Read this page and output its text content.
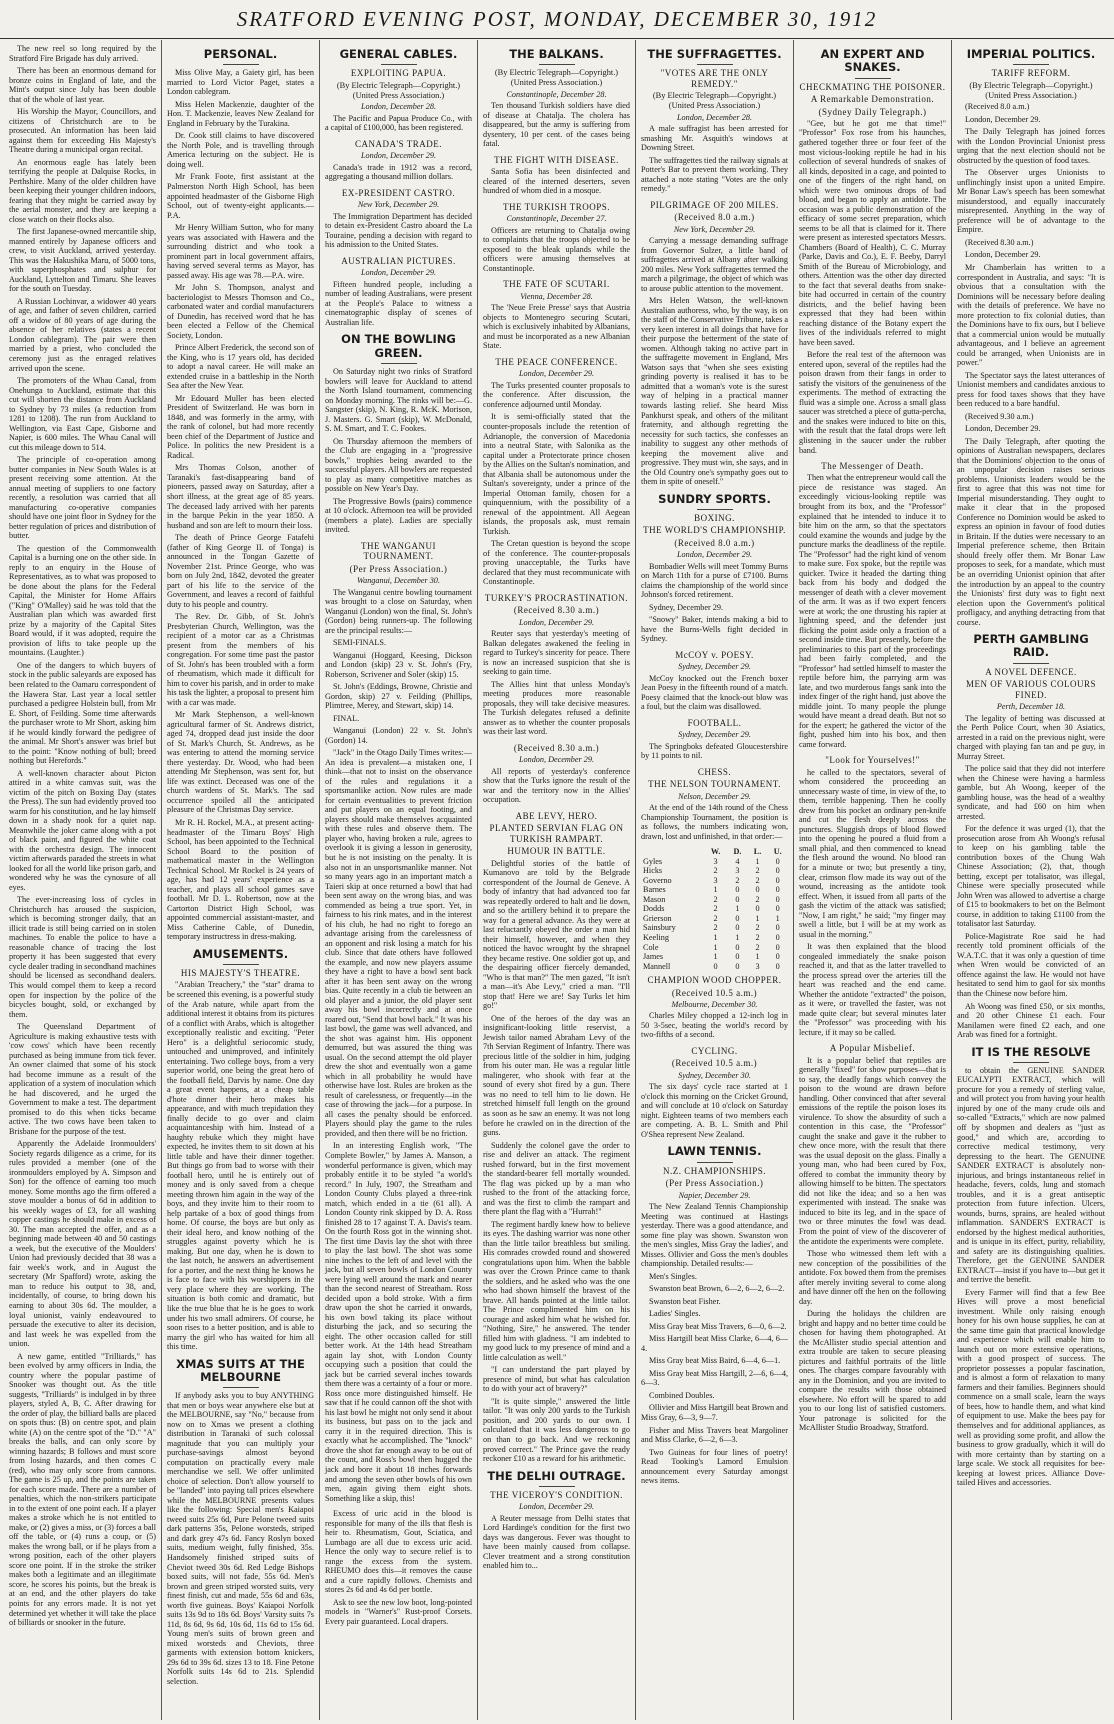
SRATFORD EVENING POST, MONDAY, DECEMBER 30, 1912

The new reel so long required by the Stratford Fire Brigade has duly arrived.

There has been an enormous demand for bronze coins in England of late, and the Mint's output since July has been double that of the whole of last year.

His Worship the Mayor, Councillors, and citizens of Christchurch are to be prosecuted. An information has been laid against them for exceeding His Majesty's Theatre during a municipal organ recital.

An enormous eagle has lately been terrifying the people at Dalquise Rocks, in Perthshire. Many of the older children have been keeping their younger children indoors, fearing that they might be carried away by the aerial monster, and they are keeping a close watch on their flocks also.

The first Japanese-owned mercantile ship, manned entirely by Japanese officers and crew, to visit Auckland, arrived yesterday. This was the Hakushika Maru, of 5000 tons, with superphosphates and sulphur for Auckland, Lyttelton and Timaru. She leaves for the south on Tuesday.

A Russian Lochinvar, a widower 40 years of age, and father of seven children, carried off a widow of 80 years of age during the absence of her relatives (states a recent London cablegram). The pair were then married by a priest, who concluded the ceremony just as the enraged relatives arrived upon the scene.

The promoters of the Whau Canal, from Onehunga to Auckland, estimate that this cut will shorten the distance from Auckland to Sydney by 73 miles (a reduction from 1281 to 1208). The run from Auckland to Wellington, via East Cape, Gisborne and Napier, is 600 miles. The Whau Canal will cut this mileage down to 514.

The principle of co-operation among butter companies in New South Wales is at present receiving some attention. At the annual meeting of suppliers to one factory recently, a resolution was carried that all manufacturing co-operative companies should have one joint floor in Sydney for the better regulation of prices and distribution of butter.

The question of the Commonwealth Capital is a burning one on the other side. In reply to an enquiry in the House of Representatives, as to what was proposed to be done about the plans for the Federal Capital, the Minister for Home Affairs ("King" O'Malley) said he was told that the Australian plan which was awarded first prize by a majority of the Capital Sites Board would, if it was adopted, require the provision of lifts to take people up the mountains. (Laughter.)

One of the dangers to which buyers of stock in the public saleyards are exposed has been related to the Oamaru correspondent of the Hawera Star. Last year a local settler purchased a pedigree Holstein bull, from Mr E. Short, of Feilding. Some time afterwards the purchaser wrote to Mr Short, asking him if he would kindly forward the pedigree of the animal. Mr Short's answer was brief but to the point: "Know nothing of bull; breed nothing but Herefords."

A well-known character about Picton attired in a white camvas suit, was the victim of the pitch on Boxing Day (states the Press). The sun had evidently proved too warm for his constitution, and he lay himself down in a shady nook for a quiet nap. Meanwhile the joker came along with a pot of black paint, and figured the white coat with the orchestra design. The innocent victim afterwards paraded the streets in what looked for all the world like prison garb, and wondered why he was the cynosure of all eyes.

The ever-increasing loss of cycles in Christchurch has aroused the suspicion, which is becoming stronger daily, that an illicit trade is still being carried on in stolen machines. To enable the police to have a reasonable chance of tracing the lost property it has been suggested that every cycle dealer trading in secondhand machines should be licensed as secondhand dealers. This would compel them to keep a record open for inspection by the police of the bicycles bought, sold, or exchanged by them.

The Queensland Department of Agriculture is making exhaustive tests with 'cow cows' which have been recently purchased as being immune from tick fever. An owner claimed that some of his stock had become immune as a result of the application of a system of inoculation which he had discovered, and he urged the Government to make a test. The department promised to do this when ticks became active. The two cows have been taken to Brisbane for the purpose of the test.

Apparently the Adelaide Ironmoulders' Society regards diligence as a crime, for its rules provided a member (one of the ironmoulders employed by A. Simpson and Son) for the offence of earning too much money. Some months ago the firm offered a stove moulder a bonus of 6d in addition to his weekly wages of £3, for all washing copper castings he should make in excess of 30. The man accepted the offer, and as a beginning made between 40 and 50 castings a week, but the executive of the Moulders' Union had previously decided that 38 was a fair week's work, and in August the secretary (Mr Spafford) wrote, asking the man to reduce his output to 38, and, incidentally, of course, to bring down his earning to about 30s 6d. The moulder, a loyal unionist, vainly endeavoured to persuade the executive to alter its decision, and last week he was expelled from the union.

A new game, entitled "Trilliards," has been evolved by army officers in India, the country where the popular pastime of Snooker was thought out. As the title suggests, "Trilliards" is indulged in by three players, styled A, B, C. After drawing for the order of play, the billiard balls are placed on spots thus: (B) on centre spot, and plain white (A) on the centre spot of the "D." "A" breaks the balls, and can only score by winning hazards; B follows and must score from losing hazards, and then comes C (red), who may only score from cannons. The game is 25 up, and the points are taken for each score made. There are a number of penalties, which the non-strikers participate in to the extent of one point each. If a player makes a stroke which he is not entitled to make, or (2) gives a miss, or (3) forces a ball off the table, or (4) runs a coup, or (5) makes the wrong ball, or if he plays from a wrong position, each of the other players score one point. If in the stroke the striker makes both a legitimate and an illegitimate score, he scores his points, but the break is at an end, and the other players do take points for any errors made. It is not yet determined yet whether it will take the place of billiards or snooker in the future.

PERSONAL.

Miss Olive May, a Gaiety girl, has been married to Lord Victor Paget, states a London cablegram.

Miss Helen Mackenzie, daughter of the Hon. T. Mackenzie, leaves New Zealand for England in February by the Turakina.

Dr. Cook still claims to have discovered the North Pole, and is travelling through America lecturing on the subject. He is doing well.

Mr Frank Foote, first assistant at the Palmerston North High School, has been appointed headmaster of the Gisborne High School, out of twenty-eight applicants.—P.A.

Mr Henry William Sutton, who for many years was associated with Hawera and the surrounding district and who took a prominent part in local government affairs, having served several terms as Mayor, has passed away. His age was 78.—P.A. wire.

Mr John S. Thompson, analyst and bacteriologist to Messrs Thomson and Co., carbonated water and cordial manufacturers of Dunedin, has received word that he has been elected a Fellow of the Chemical Society, London.

Prince Albert Frederick, the second son of the King, who is 17 years old, has decided to adopt a naval career. He will make an extended cruise in a battleship in the North Sea after the New Year.

Mr Edouard Muller has been elected President of Switzerland. He was born in 1848, and was formerly in the army, with the rank of colonel, but had more recently been chief of the Department of Justice and Police. In politics the new President is a Radical.

Mrs Thomas Colson, another of Taranaki's fast-disappearing band of pioneers, passed away on Saturday, after a short illness, at the great age of 85 years. The deceased lady arrived with her parents in the barque Pekin in the year 1850. A husband and son are left to mourn their loss.

The death of Prince George Fatafehi (father of King George II. of Tonga) is announced in the Tongan Gazette of November 21st. Prince George, who was born on July 2nd, 1842, devoted the greater part of his life to the service of the Government, and leaves a record of faithful duty to his people and country.

The Rev. Dr. Gibb, of St. John's Presbyterian Church, Wellington, was the recipient of a motor car as a Christmas present from the members of his congregation. For some time past the pastor of St. John's has been troubled with a form of rheumatism, which made it difficult for him to cover his parish, and in order to make his task the lighter, a proposal to present him with a car was made.

Mr Mark Stephenson, a well-known agricultural farmer of St. Andrews district, aged 74, dropped dead just inside the door of St. Mark's Church, St. Andrews, as he was entering to attend the morning service there yesterday. Dr. Wood, who had been attending Mr Stephenson, was sent for, but life was extinct. Deceased was one of the church wardens of St. Mark's. The sad occurrence spoiled all the anticipated pleasure of the Christmas Day service.

Mr R. H. Rockel, M.A., at present acting-headmaster of the Timaru Boys' High School, has been appointed to the Technical School Board to the position of mathematical master in the Wellington Technical School. Mr Rockel is 24 years of age, has had 12 years' experience as a teacher, and plays all school games save football. Mr D. L. Robertson, now at the Cartorton District High School, was appointed commercial assistant-master, and Miss Catherine Cable, of Dunedin, temporary instructress in dress-making.

AMUSEMENTS.
HIS MAJESTY'S THEATRE.

"Arabian Treachery," the "star" drama to be screened this evening, is a powerful study of the Arab nature, while apart from the additional interest it obtains from its pictures of a conflict with Arabs, which is altogether exceptionally realistic and exciting. "Peter Hero" is a delightful seriocomic study, untouched and unimproved, and infinitely entertaining. Two college boys, from a very superior world, one being the great hero of the football field, Darvis by name. One day a great event happens, at a cheap table d'hote dinner their hero makes his appearance, and with much trepidation they finally decide to go over and claim acquaintanceship with him. Instead of a haughty rebuke which they might have expected, he invites them to sit down at his little table and have their dinner together. But things go from bad to worse with their football hero, until he is entirely out of money and is only saved from a cheque meeting thrown him again in the way of the boys, and they invite him to their room to help partake of a box of good things from home. Of course, the boys are but only as their ideal hero, and know nothing of the struggles against poverty which he is making. But one day, when he is down to the last notch, he answers an advertisement for a porter, and the next thing he knows he is face to face with his worshippers in the very place where they are working. The situation is both comic and dramatic, but like the true blue that he is he goes to work under his two small admirers. Of course, he soon rises to a better position, and is able to marry the girl who has waited for him all this time.

XMAS SUITS AT THE MELBOURNE

If anybody asks you to buy ANYTHING that men or boys wear anywhere else but at the MELBOURNE, say "No," because from now on to Xmas we present a clothing distribution in Taranaki of such colossal magnitude that you can multiply your purchase-savings almost beyond computation on practically every male merchandise we sell. We offer unlimited choice of selection. Don't allow yourself to be "landed" into paying tall prices elsewhere while the MELBOURNE presents values like the following: Special men's Kaiapoi tweed suits 25s 6d, Pure Pelone tweed suits dark patterns 35s, Pelone worsteds, striped and dark grey 47s 6d. Fancy Roslyn boxed suits, medium weight, fully finished, 35s. Handsomely finished striped suits of Cheviot tweed 30s 6d. Red Ledge Bishops boxed suits, will not fade, 55s 6d. Men's brown and green striped worsted suits, very finest finish, cut and made, 55s 6d and 63s, worth five guineas. Boys' Kaiapoi Norfolk suits 13s 9d to 18s 6d. Boys' Varsity suits 7s 11d, 8s 6d, 9s 6d, 10s 6d, 11s 6d to 15s 6d. Young men's suits of brown green and mixed worsteds and Cheviots, three garments with extension bottom knickers, 29s 6d to 39s 6d. sizes 13 to 18. Fine Petone Norfolk suits 14s 6d to 21s. Splendid selection.

GENERAL CABLES.
EXPLOITING PAPUA.
(By Electric Telegraph—Copyright.) (United Press Association.)
London, December 28.

The Pacific and Papua Produce Co., with a capital of £100,000, has been registered.

CANADA'S TRADE.
London, December 29.

Canada's trade in 1912 was a record, aggregating a thousand million dollars.

EX-PRESIDENT CASTRO.
New York, December 29.

The Immigration Department has decided to detain ex-President Castro aboard the La Touraine, pending a decision with regard to his admission to the United States.

AUSTRALIAN PICTURES.
London, December 29.

Fifteen hundred people, including a number of leading Australians, were present at the People's Palace to witness a cinematographic display of scenes of Australian life.

ON THE BOWLING GREEN.

On Saturday night two rinks of Stratford bowlers will leave for Auckland to attend the North Island tournament, commencing on Monday morning. The rinks will be:—G. Sangster (skip), N. King, R. McK. Morison, J. Masters. G. Smart (skip), W. McDonald, S. M. Smart, and T. C. Fookes.

On Thursday afternoon the members of the Club are engaging in a "progressive bowls," trophies being awarded to the successful players. All bowlers are requested to play as many competitive matches as possible on New Year's Day.

The Progressive Bowls (pairs) commence at 10 o'clock. Afternoon tea will be provided (members a plate). Ladies are specially invited.

THE WANGANUI TOURNAMENT.
(Per Press Association.)
Wanganui, December 30.

The Wanganui centre bowling tournament was brought to a close on Saturday, when Wanganui (London) won the final, St. John's (Gordon) being runners-up. The following are the principal results:—

SEMI-FINALS.

Wanganui (Hoggard, Keesing, Dickson and London (skip) 23 v. St. John's (Fry, Roberson, Scrivener and Soler (skip) 15.

St. John's (Eddings, Browne, Christie and Gordon, skip) 27 v. Feilding (Phillips, Plimtree, Merey, and Stewart, skip) 14.

FINAL.

Wanganui (London) 22 v. St. John's (Gordon) 14.

"Jack" in the Otago Daily Times writes:—An idea is prevalent—a mistaken one, I think—that not to insist on the observance of the rules and regulations it a sportsmanlike action. Now rules are made for certain eventualities to prevent friction and put players on an equal footing, and players should make themselves acquainted with these rules and observe them. The player who, having broken a rule, agrees to overlook it is giving a lesson in generosity, but he is not insisting on the penalty. It is also not in an unsportsmanlike manner. Not so many years ago in an important match a Taieri skip at once returned a bowl that had been sent away on the wrong bias, and was commended as being a true sport. Yet, in fairness to his rink mates, and in the interest of his club, he had no right to forego an advantage arising from the carelessness of an opponent and risk losing a match for his club. Since that date others have followed the example, and now new players assume they have a right to have a bowl sent back after it has been sent away on the wrong bias. Quite recently in a club tie between an old player and a junior, the old player sent away his bowl incorrectly and at once roared out, "Send that bowl back." It was his last bowl, the game was well advanced, and the shot was against him. His opponent demurred, but was assured the thing was usual. On the second attempt the old player drew the shot and eventually won a game which in all probability he would have otherwise have lost. Rules are broken as the result of carelessness, or frequently—in the case of throwing the jack—for a purpose. In all cases the penalty should be enforced. Players should play the game to the rules provided, and then there will be no friction.

In an interesting English work, "The Complete Bowler," by James A. Manson, a wonderful performance is given, which may probably entitle it to be styled "a world's record." In July, 1907, the Streatham and London County Clubs played a three-rink match, which ended in a tie (61 all). A London County rink skipped by D. A. Ross finished 28 to 17 against T. A. Davis's team. On the fourth Ross got in the winning shot. The first time Davis lay the shot with three to play the last bowl. The shot was some nine inches to the left of and level with the jack, but all seven bowls of London County were lying well around the mark and nearer than the second nearest of Streatham. Ross decided upon a bold stroke. With a firm draw upon the shot he carried it onwards, his own bowl taking its place without disturbing the jack, and so securing the eight. The other occasion called for still better work. At the 14th head Streatham again lay shot, with London County occupying such a position that could the jack but be carried several inches towards them there was a certainty of a four or more. Ross once more distinguished himself. He saw that if he could cannon off the shot with his last bowl he might not only send it about its business, but pass on to the jack and carry it in the required direction. This is exactly what he accomplished. The "knock" drove the shot far enough away to be out of the count, and Ross's bowl then hugged the jack and bore it about 18 inches forwards and among the seven other bowls of his own men, again giving them eight shots. Something like a skip, this!

Excess of uric acid in the blood is responsible for many of the ills that flesh is heir to. Rheumatism, Gout, Sciatica, and Lumbago are all due to excess uric acid. Hence the only way to secure relief is to range the excess from the system. RHEUMO does this—it removes the cause and a cure rapidly follows. Chemists and stores 2s 6d and 4s 6d per bottle.

Ask to see the new low boot, long-pointed models in "Warner's" Rust-proof Corsets. Every pair guaranteed. Local drapers.

THE BALKANS.
(By Electric Telegraph—Copyright.) (United Press Association.)
Constantinople, December 28.

Ten thousand Turkish soldiers have died of disease at Chatalja. The cholera has disappeared, but the army is suffering from dysentery, 10 per cent. of the cases being fatal.

THE FIGHT WITH DISEASE.

Santa Sofia has been disinfected and cleared of the interned deserters, seven hundred of whom died in a mosque.

THE TURKISH TROOPS.
Constantinople, December 27.

Officers are returning to Chatalja owing to complaints that the troops objected to be exposed to the bleak uplands while the officers were amusing themselves at Constantinople.

THE FATE OF SCUTARI.
Vienna, December 28.

The 'Neue Freie Presse' says that Austria objects to Montenegro securing Scutari, which is exclusively inhabited by Albanians, and must be incorporated as a new Albanian State.

THE PEACE CONFERENCE.
London, December 29.

The Turks presented counter proposals to the conference. After discussion, the conference adjourned until Monday.

It is semi-officially stated that the counter-proposals include the retention of Adrianople, the conversion of Macedonia into a neutral State, with Salonika as the capital under a Protectorate prince chosen by the Allies on the Sultan's nomination, and that Albania shall be autonomous under the Sultan's sovereignty, under a prince of the Imperial Ottoman family, chosen for a quinquennium, with the possibility of a renewal of the appointment. All Aegean islands, the proposals ask, must remain Turkish.

The Cretan question is beyond the scope of the conference. The counter-proposals proving unacceptable, the Turks have declared that they must recommunicate with Constantinople.

TURKEY'S PROCRASTINATION.
(Received 8.30 a.m.)
London, December 29.

Reuter says that yesterday's meeting of Balkan delegates awakened the feeling in regard to Turkey's sincerity for peace. There is now an increased suspicion that she is seeking to gain time.

The Allies hint that unless Monday's meeting produces more reasonable proposals, they will take decisive measures. The Turkish delegates refused a definite answer as to whether the counter proposals was their last word.

(Received 8.30 a.m.)
London, December 29.

All reports of yesterday's conference show that the Turks ignore the result of the war and the territory now in the Allies' occupation.

ABE LEVY, HERO.
PLANTED SERVIAN FLAG ON TURKISH RAMPART.
HUMOUR IN BATTLE.

Delightful stories of the battle of Kumanovo are told by the Belgrade correspondent of the Journal de Geneve. A body of infantry that had advanced too far was repeatedly ordered to halt and lie down, and so the artillery behind it to prepare the way for a general advance. As they were at last reluctantly obeyed the order a man hid their himself, however, and when they noticed the havoc wrought by the shrapnel they became restive. One soldier got up, and the despairing officer fiercely demanded, "Who is that man?" The men gazed, "It isn't a man—it's Abe Levy," cried a man. "I'll stop that! Here we are! Say Turks let him go!"

One of the heroes of the day was an insignificant-looking little reservist, a Jewish tailor named Abraham Levy of the 7th Servian Regiment of Infantry. There was precious little of the soldier in him, judging from his outer man. He was a regular little malingerer, who shook with fear at the sound of every shot fired by a gun. There was no need to tell him to lie down. He stretched himself full length on the ground as soon as he saw an enemy. It was not long before he crawled on in the direction of the guns.

Suddenly the colonel gave the order to rise and deliver an attack. The regiment rushed forward, but in the first movement the standard-bearer fell mortally wounded. The flag was picked up by a man who rushed to the front of the attacking force, and was the first to climb the rampart and there plant the flag with a "Hurrah!"

The regiment hardly knew how to believe its eyes. The dashing warrior was none other than the little tailor breathless but smiling. His comrades crowded round and showered congratulations upon him. When the babble was over the Crown Prince came to thank the soldiers, and he asked who was the one who had shown himself the bravest of the brave. All hands pointed at the little tailor. The Prince complimented him on his courage and asked him what he wished for. "Nothing, Sire," he answered. The tender filled him with gladness. "I am indebted to my good luck to my presence of mind and a little calculation as well."

"I can understand the part played by presence of mind, but what has calculation to do with your act of bravery?"

"It is quite simple," answered the little tailor. "It was only 200 yards to the Turkish position, and 200 yards to our own. I calculated that it was less dangerous to go on than to go back. And we reckoning proved correct." The Prince gave the ready reckoner £10 as a reward for his arithmetic.

THE DELHI OUTRAGE.
THE VICEROY'S CONDITION.
London, December 29.

A Reuter message from Delhi states that Lord Hardinge's condition for the first two days was dangerous. Fever was thought to have been mainly caused from collapse. Clever treatment and a strong constitution enabled him to...

THE SUFFRAGETTES.
"VOTES ARE THE ONLY REMEDY."
(By Electric Telegraph—Copyright.) (United Press Association.)
London, December 28.

A male suffragist has been arrested for smashing Mr. Asquith's windows at Downing Street.

The suffragettes tied the railway signals at Potter's Bar to prevent them working. They attached a note stating "Votes are the only remedy."

PILGRIMAGE OF 200 MILES.
(Received 8.0 a.m.)
New York, December 29.

Carrying a message demanding suffrage from Governor Sulzer, a little band of suffragettes arrived at Albany after walking 200 miles. New York suffragettes termed the march a pilgrimage, the object of which was to arouse public attention to the movement.

Mrs Helen Watson, the well-known Australian authoress, who, by the way, is on the staff of the Conservative Tribune, takes a very keen interest in all doings that have for their purpose the betterment of the state of women. Although taking no active part in the suffragette movement in England, Mrs Watson says that "when she sees existing grinding poverty is realised it has to be admitted that a woman's vote is the surest way of helping in a practical manner towards lasting relief. She heard Miss Pankhurst speak, and others of the militant fraternity, and although regretting the necessity for such tactics, she confesses an inability to suggest any other methods of keeping the movement alive and progressive. They must win, she says, and in the Old Country one's sympathy goes out to them in spite of oneself."

SUNDRY SPORTS.
BOXING.
THE WORLD'S CHAMPIONSHIP.
(Received 8.0 a.m.)
London, December 29.

Bombadier Wells will meet Tommy Burns on March 11th for a purse of £7100. Burns claims the championship of the world since Johnson's forced retirement.

Sydney, December 29.

"Snowy" Baker, intends making a bid to have the Burns-Wells fight decided in Sydney.

McCOY v. POESY.
Sydney, December 29.

McCoy knocked out the French boxer Jean Poesy in the fifteenth round of a match. Poesy claimed that the knock-out blow was a foul, but the claim was disallowed.

FOOTBALL.
Sydney, December 29.

The Springboks defeated Gloucestershire by 11 points to nil.

CHESS.
THE NELSON TOURNAMENT.
Nelson, December 29.

At the end of the 14th round of the Chess Championship Tournament, the position is as follows, the numbers indicating won, drawn, lost and unfinished, in that order:—

	W.	D.	L.	U.
Gyles	3	4	1	0
Hicks	2	3	2	0
Governo	3	2	2	0
Barnes	1	0	0	0
Mason	2	0	2	0
Dodds	2	1	0	0
Grierson	2	0	1	1
Sainsbury	2	0	2	0
Keeling	1	1	2	0
Cole	1	0	2	0
James	1	0	1	0
Mannell	0	0	3	0
CHAMPION WOOD CHOPPER.
(Received 10.5 a.m.)
Melbourne, December 30.

Charles Miley chopped a 12-inch log in 50 3-5sec, beating the world's record by two-fifths of a second.

CYCLING.
(Received 10.5 a.m.)
Sydney, December 30.

The six days' cycle race started at 1 o'clock this morning on the Cricket Ground, and will conclude at 10 o'clock on Saturday night. Eighteen teams of two members each are competing. A. B. L. Smith and Phil O'Shea represent New Zealand.

LAWN TENNIS.
N.Z. CHAMPIONSHIPS.
(Per Press Association.)
Napier, December 29.

The New Zealand Tennis Championship Meeting was continued at Hastings yesterday. There was a good attendance, and some fine play was shown. Swanston won the men's singles, Miss Gray the ladies', and Misses. Ollivier and Goss the men's doubles championship. Detailed results:—

Men's Singles.

Swanston beat Brown, 6—2, 6—2, 6—2.

Swanston beat Fisher.

Ladies' Singles.

Miss Gray beat Miss Travers, 6—0, 6—2.

Miss Hartgill beat Miss Clarke, 6—4, 6—4.

Miss Gray beat Miss Baird, 6—4, 6—1.

Miss Gray beat Miss Hartgill, 2—6, 6—4, 6—3.

Combined Doubles.

Ollivier and Miss Hartgill beat Brown and Miss Gray, 6—3, 9—7.

Fisher and Miss Travers beat Margoliner and Miss Clarke, 6—2, 6—3.

Two Guineas for four lines of poetry! Read Tooking's Lamord Emulsion announcement every Saturday amongst news items.

AN EXPERT AND SNAKES.
CHECKMATING THE POISONER.
A Remarkable Demonstration.
(Sydney Daily Telegraph.)

"Gee, but he got me that time!" "Professor" Fox rose from his haunches, gathered together three or four feet of the most vicious-looking reptile he had in his collection of several hundreds of snakes of all kinds, deposited in a cage, and pointed to one of the fingers of the right hand, on which were two ominous drops of bad blood, and began to apply an antidote. The occasion was a public demonstration of the efficacy of some secret preparation, which seems to be all that is claimed for it. There were present as interested spectators Messrs. Chambers (Board of Health), C. C. Murray (Parke, Davis and Co.), E. F. Beeby, Darryl Smith of the Bureau of Microbiology, and others. Attention was the other day directed to the fact that several deaths from snake-bite had occurred in certain of the country districts, and the belief having been expressed that they had been within reaching distance of the Botany expert the lives of the individuals referred to might have been saved.

Before the real test of the afternoon was entered upon, several of the reptiles had the poison drawn from their fangs in order to satisfy the visitors of the genuineness of the experiments. The method of extracting the fluid was a simple one. Across a small glass saucer was stretched a piece of gutta-percha, and the snakes were induced to bite on this, with the result that the fatal drops were left glistening in the saucer under the rubber band.

The Messenger of Death.

Then what the entrepreneur would call the piece de resistance was staged. An exceedingly vicious-looking reptile was brought from its box, and the "Professor" explained that he intended to induce it to bite him on the arm, so that the spectators could examine the wounds and judge by the puncture marks the deadliness of the reptile. The "Professor" had the right kind of venom to make sure. Fox spoke, but the reptile was quicker. Twice it headed the darting thing back from his body and dodged the messenger of death with a clever movement of the arm. It was as if two expert fencers were at work; the one thrusting his rapier at lightning speed, and the defender just flicking the point aside only a fraction of a second inside time. But presently, before the preliminaries to this part of the proceedings had been fairly completed, and the "Professor" had settled himself to master the reptile before him, the parrying arm was late, and two murderous fangs sank into the index finger of the right hand, just above the middle joint. To many people the plunge would have meant a dread death. But not so for the expert; he gathered the victor of the fight, pushed him into his box, and then came forward.

"Look for Yourselves!"

he called to the spectators, several of whom considered the proceeding an unnecessary waste of time, in view of the, to them, terrible happening. Then he coolly drew from his pocket an ordinary pen-knife and cut the flesh deeply across the punctures. Sluggish drops of blood flowed into the opening he poured a fluid from a small phial, and then commenced to knead the flesh around the wound. No blood ran for a minute or two; but presently a tiny, clear, crimson flow made its way out of the wound, increasing as the antidote took effect. When, it issued from all parts of the gash the victim of the attack was satisfied; "Now, I am right," he said; "my finger may swell a little, but I will be at my work as usual in the morning."

It was then explained that the blood congealed immediately the snake poison reached it, and that as the latter travelled to the process spread over the arteries till the heart was reached and the end came. Whether the antidote "extracted" the poison, as it were, or travelled the faster, was not made quite clear; but several minutes later the "Professor" was proceeding with his lecture, if it may so be called.

A Popular Misbelief.

It is a popular belief that reptiles are generally "fixed" for show purposes—that is to say, the deadly fangs which convey the poison to the wound are drawn before handling. Other convinced that after several emissions of the reptile the poison loses its virulence. To show the absurdity of such a contention in this case, the "Professor" caught the snake and gave it the rubber to chew once more, with the result that there was the usual deposit on the glass. Finally a young man, who had been cured by Fox, offered to combat the immunity theory by allowing himself to be bitten. The spectators did not like the idea; and so a hen was experimented with instead. The snake was induced to bite its leg, and in the space of two or three minutes the fowl was dead. From the point of view of the discoverer of the antidote the experiments were complete.

Those who witnessed them left with a new conception of the possibilities of the antidote. Fox bowed them from the premises after merely inviting several to come along and have dinner off the hen on the following day.

During the holidays the children are bright and happy and no better time could be chosen for having them photographed. At the McAllister studio special attention and extra trouble are taken to secure pleasing pictures and faithful portraits of the little ones. The charges compare favourably with any in the Dominion, and you are invited to compare the results with those obtained elsewhere. No effort will be spared to add you to our long list of satisfied customers. Your patronage is solicited for the McAllister Studio Broadway, Stratford.

IMPERIAL POLITICS.
TARIFF REFORM.
(By Electric Telegraph—Copyright.) (United Press Association.)

(Received 8.0 a.m.)

London, December 29.

The Daily Telegraph has joined forces with the London Provincial Unionist press urging that the next election should not be obstructed by the question of food taxes.

The Observer urges Unionists to unflinchingly insist upon a united Empire. Mr Bonar Law's speech has been somewhat misunderstood, and equally inaccurately misrepresented. Anything in the way of preference will be of advantage to the Empire.

(Received 8.30 a.m.)

London, December 29.

Mr Chamberlain has written to a correspondent in Australia, and says: "It is obvious that a consultation with the Dominions will be necessary before dealing with the details of preference. We have no more protection to fix colonial duties, than the Dominions have to fix ours, but I believe that a commercial union would be mutually advantageous, and I believe an agreement could be arranged, when Unionists are in power."

The Spectator says the latest utterances of Unionist members and candidates anxious to press for food taxes shows that they have been reduced to a bare handful.

(Received 9.30 a.m.)

London, December 29.

The Daily Telegraph, after quoting the opinions of Australian newspapers, declares that the Dominions' objection to the onus of an unpopular decision raises serious problems. Unionists leaders would be the first to agree that this was not time for Imperial misunderstanding. They ought to make it clear that in the proposed Conference no Dominion would be asked to express an opinion in favour of food duties in Britain. If the duties were necessary to an Imperial preference scheme, then Britain should freely offer them. Mr Bonar Law proposes to seek, for a mandate, which must be an overriding Unionist opinion that after the introduction by an appeal to the country the Unionists' first duty was to fight next election upon the Government's political profligacy, and anything detracting from that course.

PERTH GAMBLING RAID.
A NOVEL DEFENCE.
MEN OF VARIOUS COLOURS FINED.
Perth, December 18.

The legality of betting was discussed at the Perth Police Court, when 30 Asiatics, arrested in a raid on the previous night, were charged with playing fan tan and pe guy, in Murray Street.

The police said that they did not interfere when the Chinese were having a harmless gamble, but Ah Woong, keeper of the gambling house, was the head of a wealthy syndicate, and had £60 on him when arrested.

For the defence it was urged (1), that the prosecution arose from Ah Woong's refusal to keep on his gambling table the contribution boxes of the Chung Wah Chinese Association; (2), that, though betting, except per totalisator, was illegal, Chinese were specially prosecuted while John Wren was allowed to advertise a charge of £15 to bookmakers to bet on the Belmont course, in addition to taking £1100 from the totalisator last Saturday.

Police-Magistrate Roe said he had recently told prominent officials of the W.A.T.C. that it was only a question of time when Wren would be convicted of an offence against the law. He would not have hesitated to send him to gaol for six months than the Chinese now before him.

Ah Woong was fined £50, or six months, and 20 other Chinese £1 each. Four Manilamen were fined £2 each, and one Arab was fined for a fortnight.

IT IS THE RESOLVE

to obtain the GENUINE SANDER EUCALYPTI EXTRACT, which will procure for you a remedy of sterling value, and will protect you from having your health injured by one of the many crude oils and so-called "Extracts," which are now palmed off by shopmen and dealers as "just as good," and which are, according to corrective medical testimony, very depressing to the heart. The GENUINE SANDER EXTRACT is absolutely non-injurious, and brings instantaneous relief in headache, fevers, colds, lung and stomach troubles, and it is a great antiseptic protection from future infection. Ulcers, wounds, burns, sprains, are healed without inflammation. SANDER'S EXTRACT is endorsed by the highest medical authorities, and is unique in its effect, purity, reliability, and safety are its distinguishing qualities. Therefore, get the GENUINE SANDER EXTRACT—insist if you have to—but get it and terrive the benefit.

Every Farmer will find that a few Bee Hives will prove a most beneficial investment. While only raising enough honey for his own house supplies, he can at the same time gain that practical knowledge and experience which will enable him to launch out on more extensive operations, with a good prospect of success. The proprietor possesses a popular fascination, and is almost a form of relaxation to many farmers and their families. Beginners should commence on a small scale, learn the ways of bees, how to handle them, and what kind of equipment to use. Make the bees pay for themselves and for additional appliances, as well as providing some profit, and allow the business to grow gradually, which it will do with more certainty than by starting on a large scale. We stock all requisites for bee-keeping at lowest prices. Alliance Dove-tailed Hives and accessories.
